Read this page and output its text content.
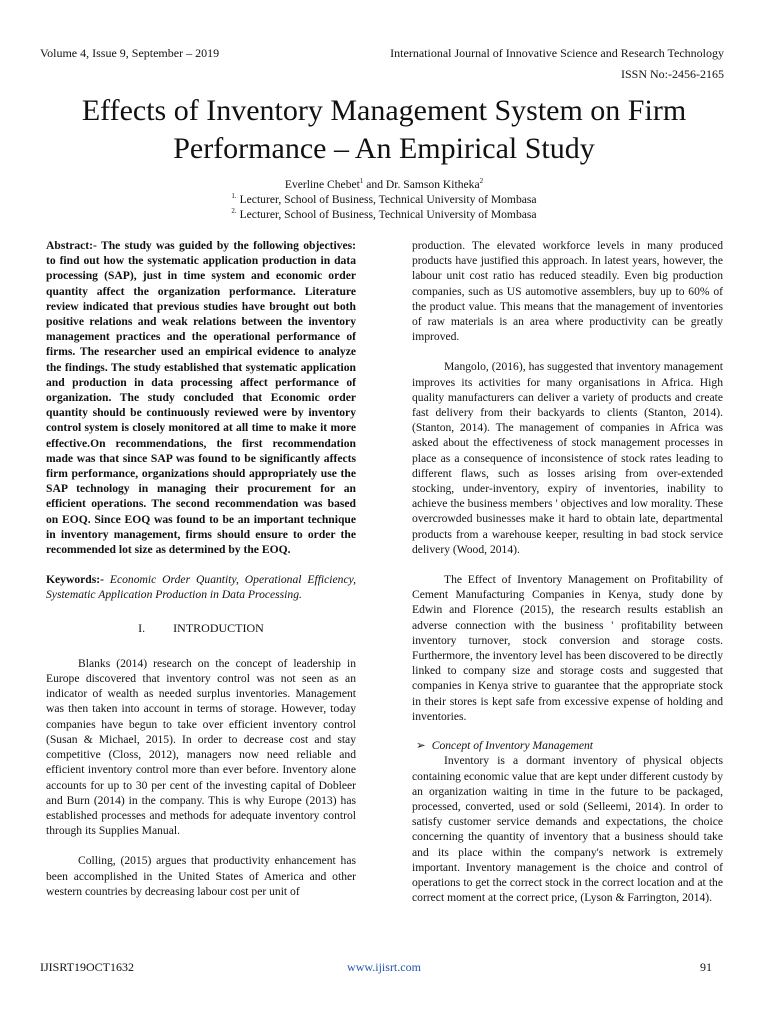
Volume 4, Issue 9, September – 2019	International Journal of Innovative Science and Research Technology
ISSN No:-2456-2165
Effects of Inventory Management System on Firm Performance – An Empirical Study
Everline Chebet$^1$ and Dr. Samson Kitheka$^2$
$^{1.}$ Lecturer, School of Business, Technical University of Mombasa
$^{2.}$ Lecturer, School of Business, Technical University of Mombasa

Abstract:- The study was guided by the following objectives: to find out how the systematic application production in data processing (SAP), just in time system and economic order quantity affect the organization performance. Literature review indicated that previous studies have brought out both positive relations and weak relations between the inventory management practices and the operational performance of firms. The researcher used an empirical evidence to analyze the findings. The study established that systematic application and production in data processing affect performance of organization. The study concluded that Economic order quantity should be continuously reviewed were by inventory control system is closely monitored at all time to make it more effective.On recommendations, the first recommendation made was that since SAP was found to be significantly affects firm performance, organizations should appropriately use the SAP technology in managing their procurement for an efficient operations. The second recommendation was based on EOQ. Since EOQ was found to be an important technique in inventory management, firms should ensure to order the recommended lot size as determined by the EOQ.

Keywords:- Economic Order Quantity, Operational Efficiency, Systematic Application Production in Data Processing.

I. INTRODUCTION

Blanks (2014) research on the concept of leadership in Europe discovered that inventory control was not seen as an indicator of wealth as needed surplus inventories. Management was then taken into account in terms of storage. However, today companies have begun to take over efficient inventory control (Susan & Michael, 2015). In order to decrease cost and stay competitive (Closs, 2012), managers now need reliable and efficient inventory control more than ever before. Inventory alone accounts for up to 30 per cent of the investing capital of Dobleer and Burn (2014) in the company. This is why Europe (2013) has established processes and methods for adequate inventory control through its Supplies Manual.

Colling, (2015) argues that productivity enhancement has been accomplished in the United States of America and other western countries by decreasing labour cost per unit of

production. The elevated workforce levels in many produced products have justified this approach. In latest years, however, the labour unit cost ratio has reduced steadily. Even big production companies, such as US automotive assemblers, buy up to 60% of the product value. This means that the management of inventories of raw materials is an area where productivity can be greatly improved.

Mangolo, (2016), has suggested that inventory management improves its activities for many organisations in Africa. High quality manufacturers can deliver a variety of products and create fast delivery from their backyards to clients (Stanton, 2014). (Stanton, 2014). The management of companies in Africa was asked about the effectiveness of stock management processes in place as a consequence of inconsistence of stock rates leading to different flaws, such as losses arising from over-extended stocking, under-inventory, expiry of inventories, inability to achieve the business members ' objectives and low morality. These overcrowded businesses make it hard to obtain late, departmental products from a warehouse keeper, resulting in bad stock service delivery (Wood, 2014).

The Effect of Inventory Management on Profitability of Cement Manufacturing Companies in Kenya, study done by Edwin and Florence (2015), the research results establish an adverse connection with the business ' profitability between inventory turnover, stock conversion and storage costs. Furthermore, the inventory level has been discovered to be directly linked to company size and storage costs and suggested that companies in Kenya strive to guarantee that the appropriate stock in their stores is kept safe from excessive expense of holding and inventories.

➢ Concept of Inventory Management

Inventory is a dormant inventory of physical objects containing economic value that are kept under different custody by an organization waiting in time in the future to be packaged, processed, converted, used or sold (Selleemi, 2014). In order to satisfy customer service demands and expectations, the choice concerning the quantity of inventory that a business should take and its place within the company's network is extremely important. Inventory management is the choice and control of operations to get the correct stock in the correct location and at the correct moment at the correct price, (Lyson & Farrington, 2014).

IJISRT19OCT1632	www.ijisrt.com	91
